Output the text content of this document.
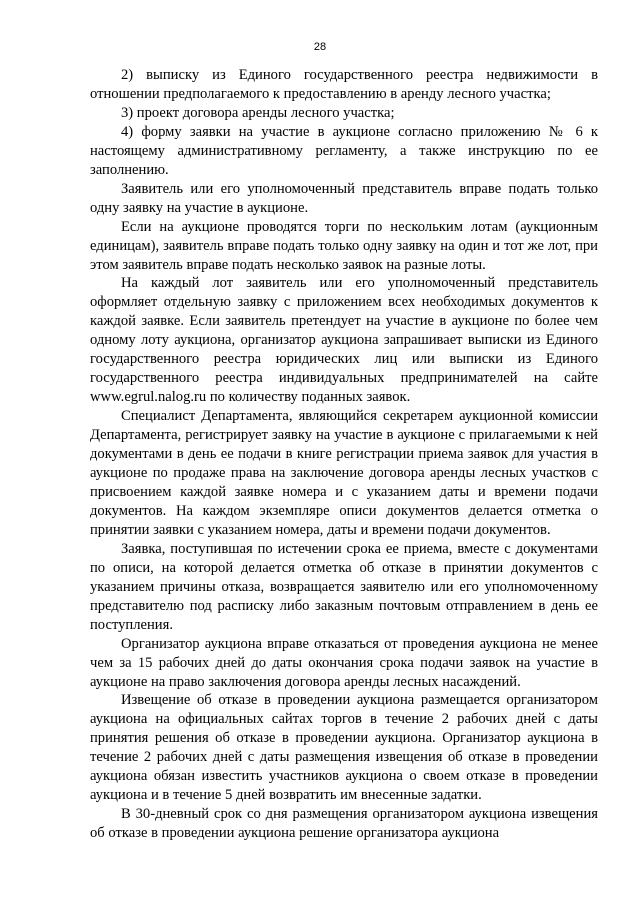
28

2) выписку из Единого государственного реестра недвижимости в отношении предполагаемого к предоставлению в аренду лесного участка;

3) проект договора аренды лесного участка;

4) форму заявки на участие в аукционе согласно приложению № 6 к настоящему административному регламенту, а также инструкцию по ее заполнению.

Заявитель или его уполномоченный представитель вправе подать только одну заявку на участие в аукционе.

Если на аукционе проводятся торги по нескольким лотам (аукционным единицам), заявитель вправе подать только одну заявку на один и тот же лот, при этом заявитель вправе подать несколько заявок на разные лоты.

На каждый лот заявитель или его уполномоченный представитель оформляет отдельную заявку с приложением всех необходимых документов к каждой заявке. Если заявитель претендует на участие в аукционе по более чем одному лоту аукциона, организатор аукциона запрашивает выписки из Единого государственного реестра юридических лиц или выписки из Единого государственного реестра индивидуальных предпринимателей на сайте www.egrul.nalog.ru по количеству поданных заявок.

Специалист Департамента, являющийся секретарем аукционной комиссии Департамента, регистрирует заявку на участие в аукционе с прилагаемыми к ней документами в день ее подачи в книге регистрации приема заявок для участия в аукционе по продаже права на заключение договора аренды лесных участков с присвоением каждой заявке номера и с указанием даты и времени подачи документов. На каждом экземпляре описи документов делается отметка о принятии заявки с указанием номера, даты и времени подачи документов.

Заявка, поступившая по истечении срока ее приема, вместе с документами по описи, на которой делается отметка об отказе в принятии документов с указанием причины отказа, возвращается заявителю или его уполномоченному представителю под расписку либо заказным почтовым отправлением в день ее поступления.

Организатор аукциона вправе отказаться от проведения аукциона не менее чем за 15 рабочих дней до даты окончания срока подачи заявок на участие в аукционе на право заключения договора аренды лесных насаждений.

Извещение об отказе в проведении аукциона размещается организатором аукциона на официальных сайтах торгов в течение 2 рабочих дней с даты принятия решения об отказе в проведении аукциона. Организатор аукциона в течение 2 рабочих дней с даты размещения извещения об отказе в проведении аукциона обязан известить участников аукциона о своем отказе в проведении аукциона и в течение 5 дней возвратить им внесенные задатки.

В 30-дневный срок со дня размещения организатором аукциона извещения об отказе в проведении аукциона решение организатора аукциона
